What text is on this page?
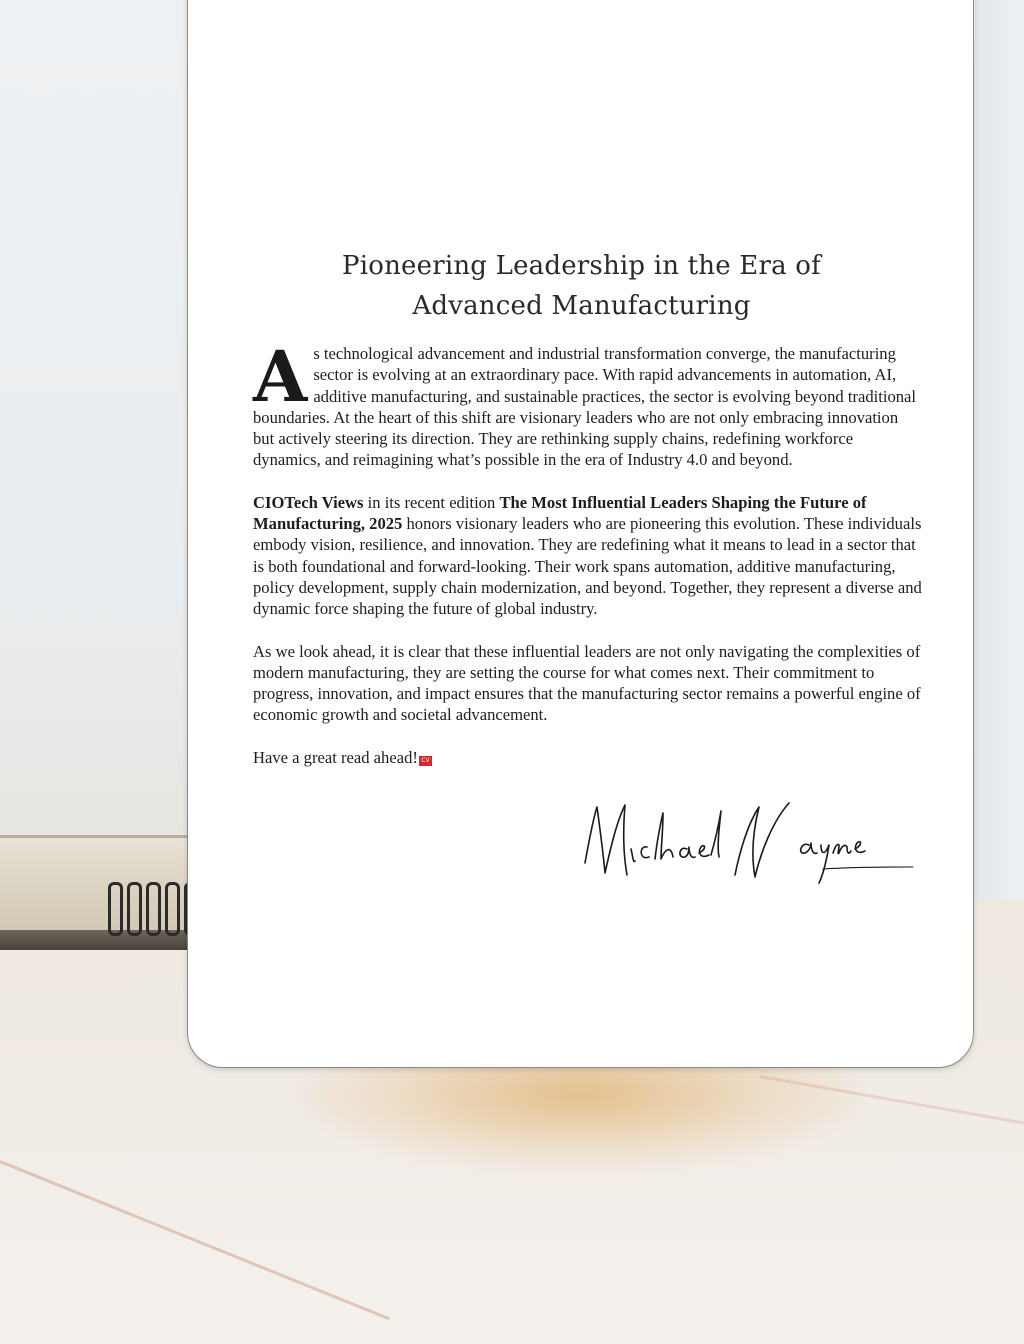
Pioneering Leadership in the Era of
Advanced Manufacturing

As technological advancement and industrial transformation converge, the manufacturing sector is evolving at an extraordinary pace. With rapid advancements in automation, AI, additive manufacturing, and sustainable practices, the sector is evolving beyond traditional boundaries. At the heart of this shift are visionary leaders who are not only embracing innovation but actively steering its direction. They are rethinking supply chains, redefining workforce dynamics, and reimagining what’s possible in the era of Industry 4.0 and beyond.

CIOTech Views in its recent edition The Most Influential Leaders Shaping the Future of Manufacturing, 2025 honors visionary leaders who are pioneering this evolution. These individuals embody vision, resilience, and innovation. They are redefining what it means to lead in a sector that is both foundational and forward-looking. Their work spans automation, additive manufacturing, policy development, supply chain modernization, and beyond. Together, they represent a diverse and dynamic force shaping the future of global industry.

As we look ahead, it is clear that these influential leaders are not only navigating the complexities of modern manufacturing, they are setting the course for what comes next. Their commitment to progress, innovation, and impact ensures that the manufacturing sector remains a powerful engine of economic growth and societal advancement.

Have a great read ahead! CV
